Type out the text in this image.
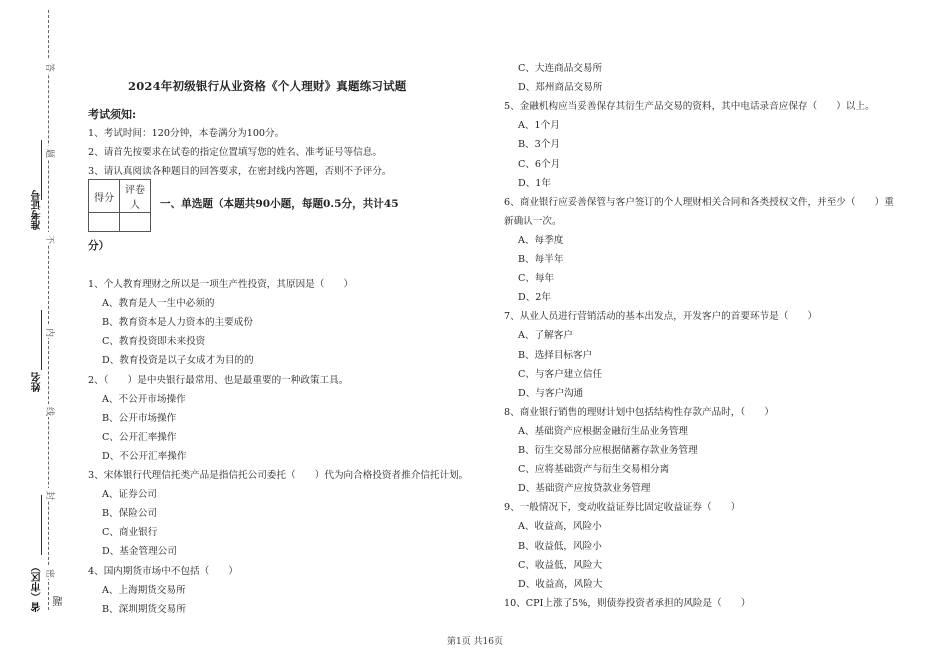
准考证号
姓名
省（市区）
答
题
不
内
线
封
密
题
2024年初级银行从业资格《个人理财》真题练习试题
考试须知:
1、考试时间：120分钟，本卷满分为100分。
2、请首先按要求在试卷的指定位置填写您的姓名、准考证号等信息。
3、请认真阅读各种题目的回答要求，在密封线内答题，否则不予评分。
得分	评卷人
	一、单选题（本题共90小题，每题0.5分，共计45
分）
1、个人教育理财之所以是一项生产性投资，其原因是（　　）
A、教育是人一生中必须的
B、教育资本是人力资本的主要成份
C、教育投资即未来投资
D、教育投资是以子女成才为目的的
2、（　　）是中央银行最常用、也是最重要的一种政策工具。
A、不公开市场操作
B、公开市场操作
C、公开汇率操作
D、不公开汇率操作
3、宋体银行代理信托类产品是指信托公司委托（　　）代为向合格投资者推介信托计划。
A、证券公司
B、保险公司
C、商业银行
D、基金管理公司
4、国内期货市场中不包括（　　）
A、上海期货交易所
B、深圳期货交易所
C、大连商品交易所
D、郑州商品交易所
5、金融机构应当妥善保存其衍生产品交易的资料，其中电话录音应保存（　　）以上。
A、1个月
B、3个月
C、6个月
D、1年
6、商业银行应妥善保管与客户签订的个人理财相关合同和各类授权文件，并至少（　　）重
新确认一次。
A、每季度
B、每半年
C、每年
D、2年
7、从业人员进行营销活动的基本出发点，开发客户的首要环节是（　　）
A、了解客户
B、选择目标客户
C、与客户建立信任
D、与客户沟通
8、商业银行销售的理财计划中包括结构性存款产品时，（　　）
A、基础资产应根据金融衍生品业务管理
B、衍生交易部分应根据储蓄存款业务管理
C、应将基础资产与衍生交易相分离
D、基础资产应按贷款业务管理
9、一般情况下，变动收益证券比固定收益证券（　　）
A、收益高，风险小
B、收益低，风险小
C、收益低，风险大
D、收益高，风险大
10、CPI上涨了5%，则债券投资者承担的风险是（　　）
第1页 共16页
